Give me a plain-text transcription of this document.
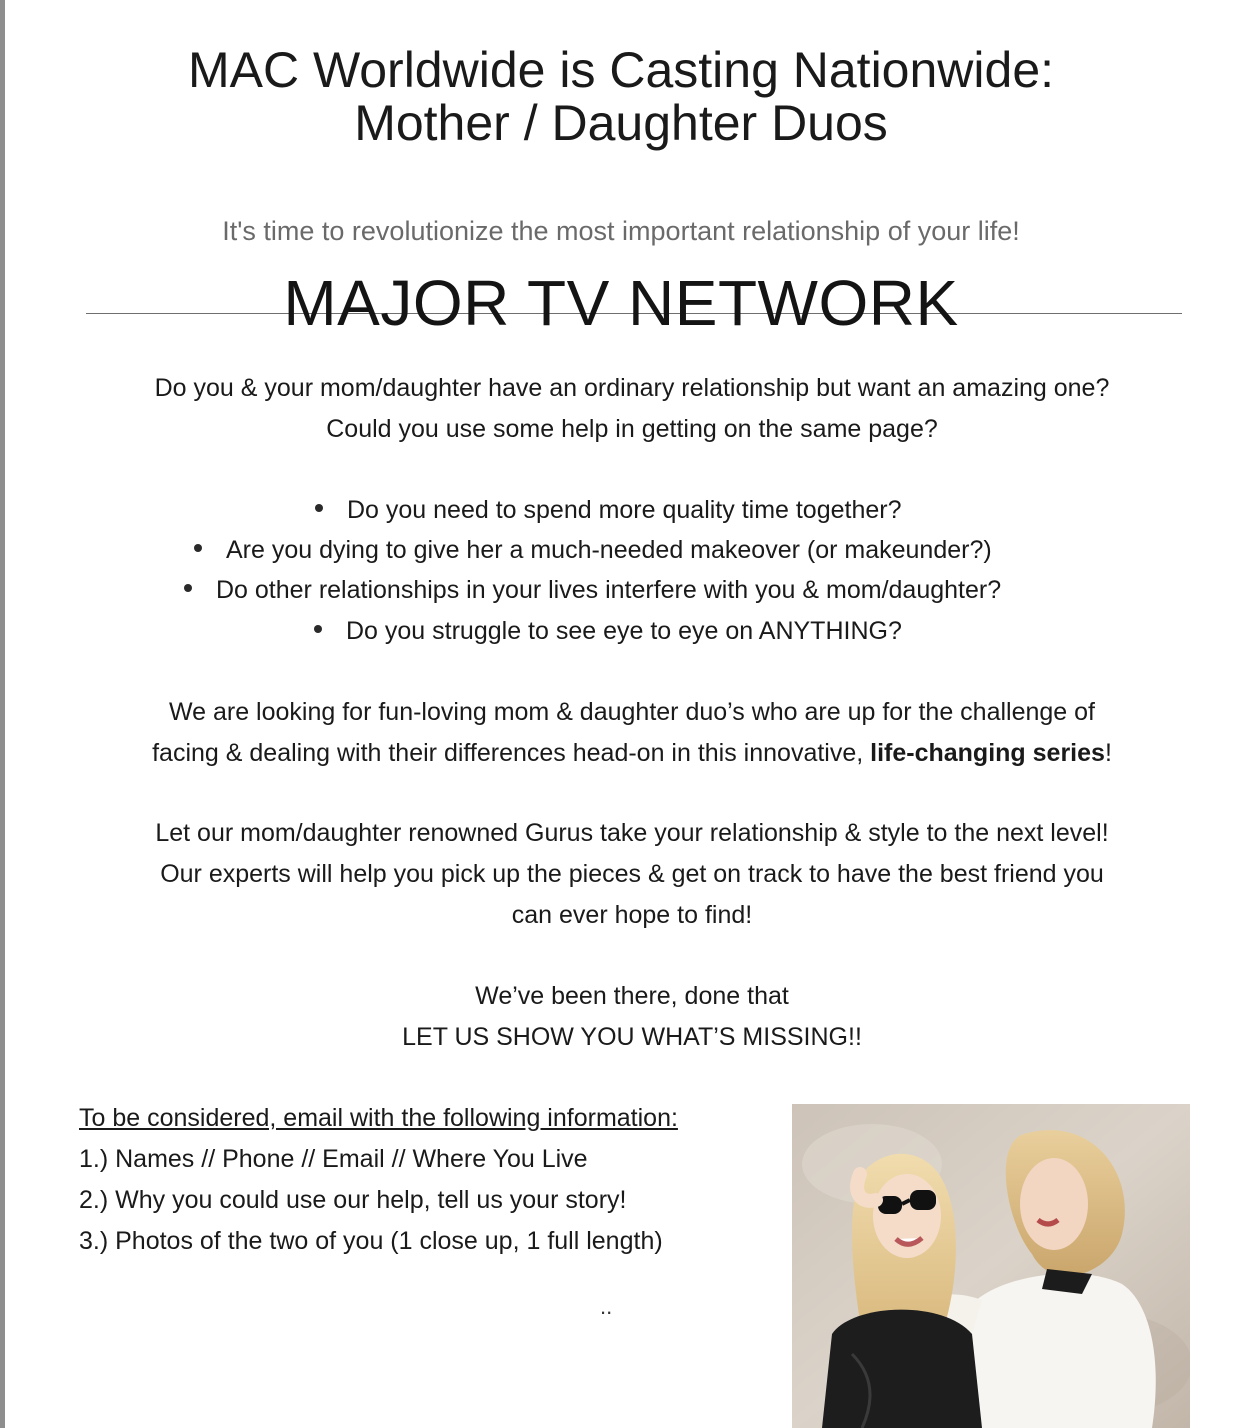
MAC Worldwide is Casting Nationwide:
Mother / Daughter Duos
It's time to revolutionize the most important relationship of your life!
MAJOR TV NETWORK
Do you & your mom/daughter have an ordinary relationship but want an amazing one?
Could you use some help in getting on the same page?
Do you need to spend more quality time together?
Are you dying to give her a much-needed makeover (or makeunder?)
Do other relationships in your lives interfere with you & mom/daughter?
Do you struggle to see eye to eye on ANYTHING?
We are looking for fun-loving mom & daughter duo’s who are up for the challenge of
facing & dealing with their differences head-on in this innovative, life-changing series!
Let our mom/daughter renowned Gurus take your relationship & style to the next level!
Our experts will help you pick up the pieces & get on track to have the best friend you
can ever hope to find!
We’ve been there, done that
LET US SHOW YOU WHAT’S MISSING!!
To be considered, email with the following information:
1.) Names // Phone // Email // Where You Live
2.) Why you could use our help, tell us your story!
3.) Photos of the two of you (1 close up, 1 full length)
..
